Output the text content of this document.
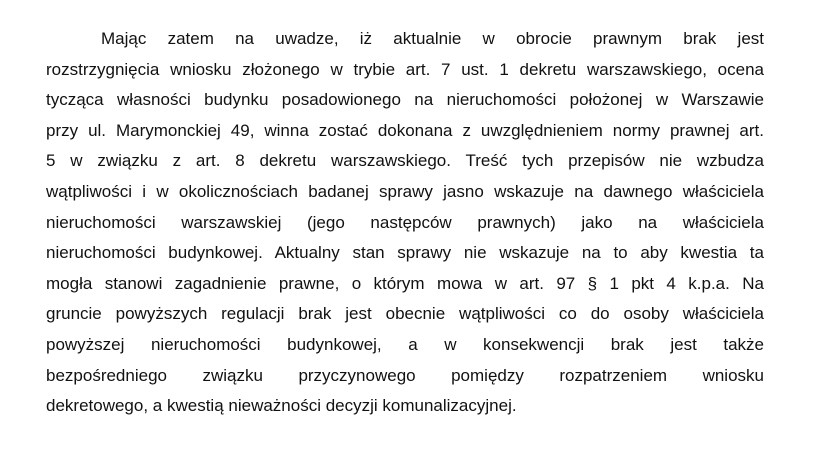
Mając zatem na uwadze, iż aktualnie w obrocie prawnym brak jest
rozstrzygnięcia wniosku złożonego w trybie art. 7 ust. 1 dekretu warszawskiego, ocena
tycząca własności budynku posadowionego na nieruchomości położonej w Warszawie
przy ul. Marymonckiej 49, winna zostać dokonana z uwzględnieniem normy prawnej art.
5 w związku z art. 8 dekretu warszawskiego. Treść tych przepisów nie wzbudza
wątpliwości i w okolicznościach badanej sprawy jasno wskazuje na dawnego właściciela
nieruchomości warszawskiej (jego następców prawnych) jako na właściciela
nieruchomości budynkowej. Aktualny stan sprawy nie wskazuje na to aby kwestia ta
mogła stanowi zagadnienie prawne, o którym mowa w art. 97 § 1 pkt 4 k.p.a. Na
gruncie powyższych regulacji brak jest obecnie wątpliwości co do osoby właściciela
powyższej nieruchomości budynkowej, a w konsekwencji brak jest także
bezpośredniego związku przyczynowego pomiędzy rozpatrzeniem wniosku
dekretowego, a kwestią nieważności decyzji komunalizacyjnej.
